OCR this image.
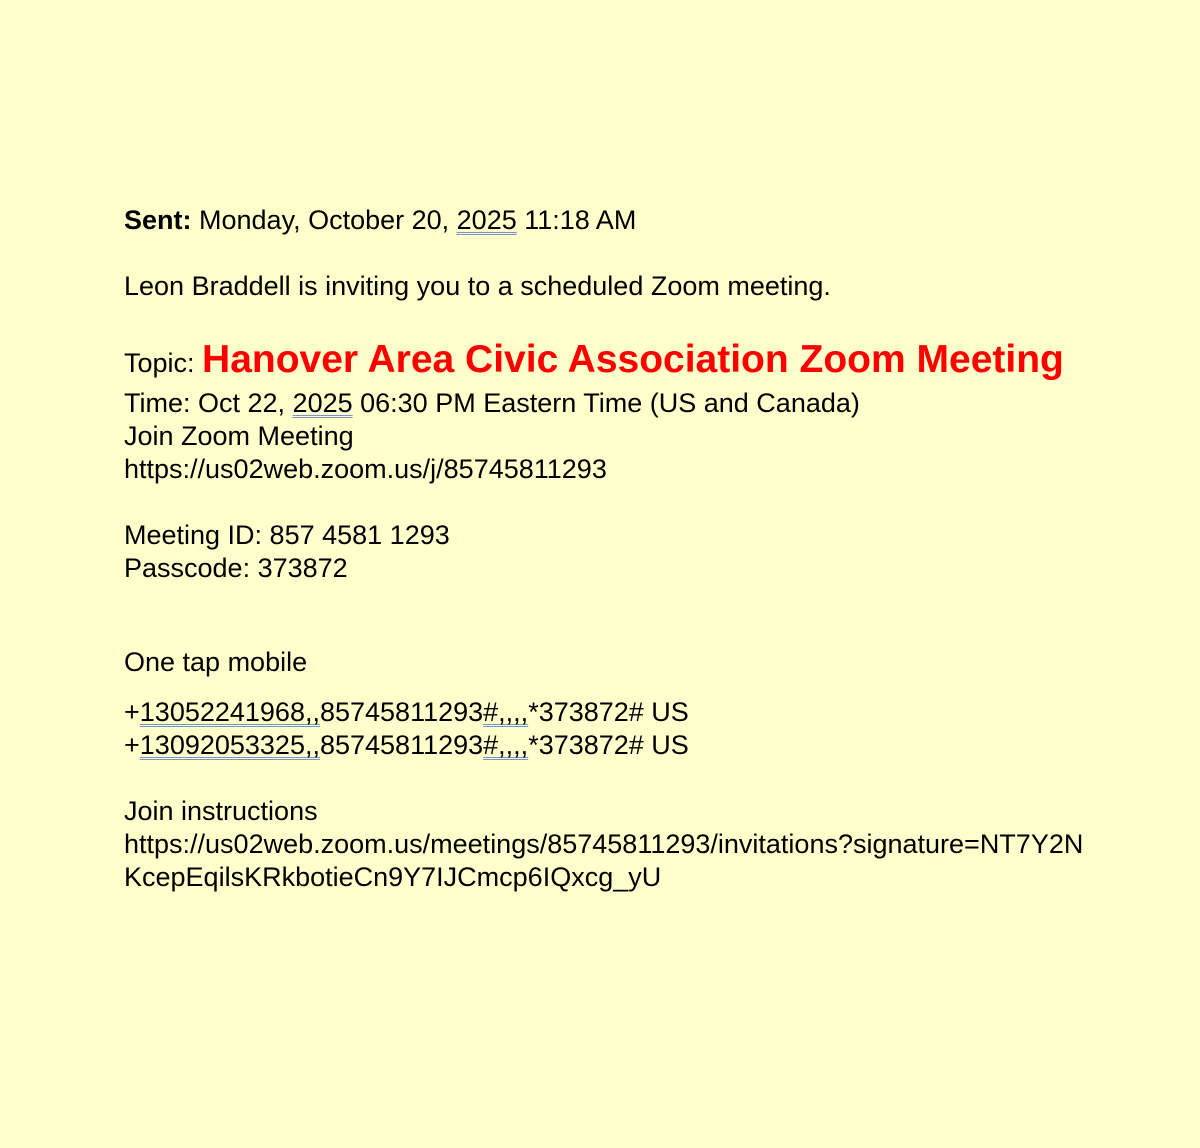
Sent: Monday, October 20, 2025 11:18 AM
Leon Braddell is inviting you to a scheduled Zoom meeting.
Topic: Hanover Area Civic Association Zoom Meeting
Time: Oct 22, 2025 06:30 PM Eastern Time (US and Canada)
Join Zoom Meeting
https://us02web.zoom.us/j/85745811293
Meeting ID: 857 4581 1293
Passcode: 373872
One tap mobile
+13052241968,,85745811293#,,,,*373872# US
+13092053325,,85745811293#,,,,*373872# US
Join instructions
https://us02web.zoom.us/meetings/85745811293/invitations?signature=NT7Y2NKcepEqilsKRkbotieCn9Y7IJCmcp6IQxcg_yU
